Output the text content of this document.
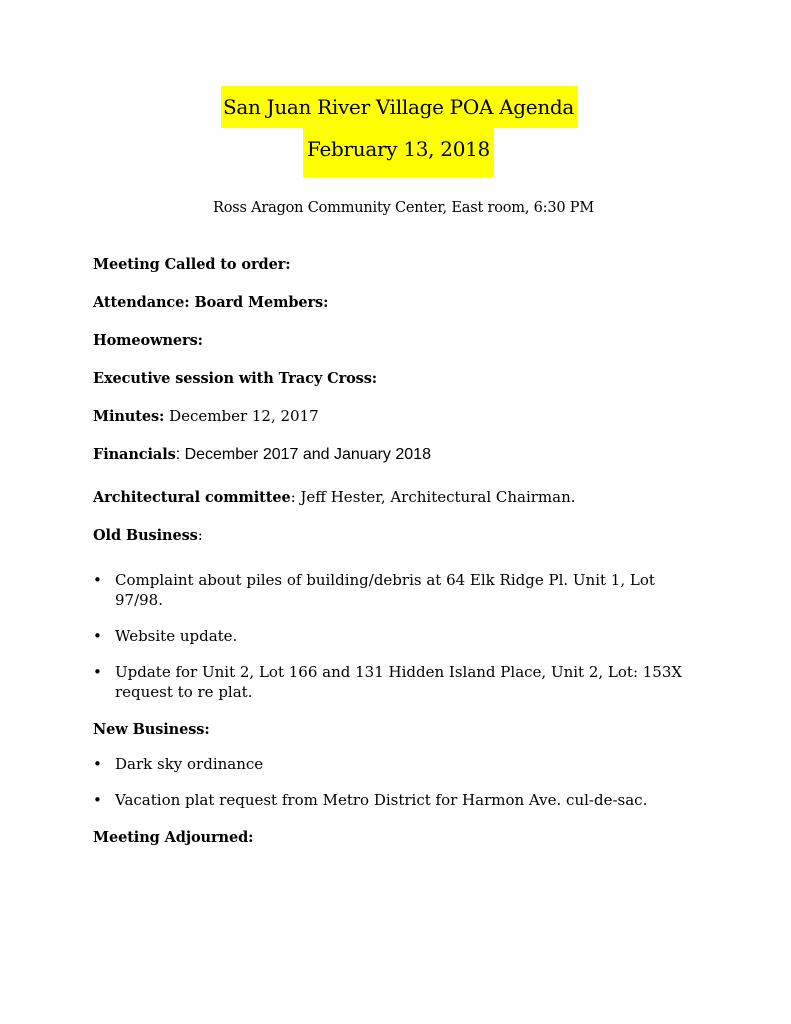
San Juan River Village POA Agenda
February 13, 2018
Ross Aragon Community Center, East room, 6:30 PM
Meeting Called to order:
Attendance: Board Members:
Homeowners:
Executive session with Tracy Cross:
Minutes: December 12, 2017
Financials: December 2017 and January 2018
Architectural committee: Jeff Hester, Architectural Chairman.
Old Business:
• Complaint about piles of building/debris at 64 Elk Ridge Pl. Unit 1, Lot 97/98.
• Website update.
• Update for Unit 2, Lot 166 and 131 Hidden Island Place, Unit 2, Lot: 153X request to re plat.
New Business:
• Dark sky ordinance
• Vacation plat request from Metro District for Harmon Ave. cul-de-sac.
Meeting Adjourned:
